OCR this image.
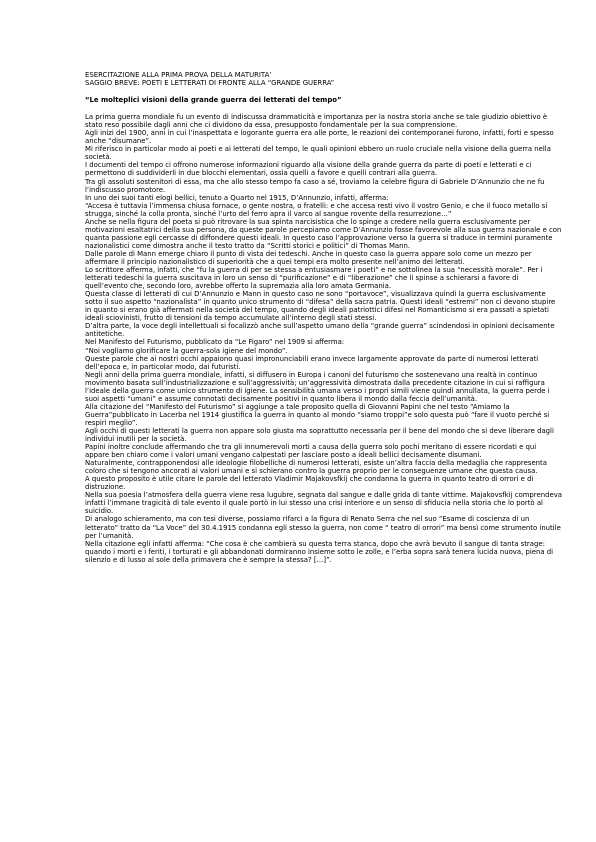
ESERCITAZIONE ALLA PRIMA PROVA DELLA MATURITA’
SAGGIO BREVE: POETI E LETTERATI DI FRONTE ALLA “GRANDE GUERRA”
“Le molteplici visioni della grande guerra dei letterati del tempo”

La prima guerra mondiale fu un evento di indiscussa drammaticità e importanza per la nostra storia anche se tale giudizio obiettivo è stato reso possibile dagli anni che ci dividono da essa, presupposto fondamentale per la sua comprensione.

Agli inizi del 1900, anni in cui l’inaspettata e logorante guerra era alle porte, le reazioni dei contemporanei furono, infatti, forti e spesso anche “disumane”.

Mi riferisco in particolar modo ai poeti e ai letterati del tempo, le quali opinioni ebbero un ruolo cruciale nella visione della guerra nella società.

I documenti del tempo ci offrono numerose informazioni riguardo alla visione della grande guerra da parte di poeti e letterati e ci permettono di suddividerli in due blocchi elementari, ossia quelli a favore e quelli contrari alla guerra.

Tra gli assoluti sostenitori di essa, ma che allo stesso tempo fa caso a sé, troviamo la celebre figura di Gabriele D’Annunzio che ne fu l’indiscusso promotore.

In uno dei suoi tanti elogi bellici, tenuto a Quarto nel 1915, D’Annunzio, infatti, afferma:

“Accesa è tuttavia l’immensa chiusa fornace, o gente nostra, o fratelli: e che accesa resti vivo il vostro Genio, e che il fuoco metallo si strugga, sinché la colla pronta, sinché l’urto del ferro apra il varco al sangue rovente della resurrezione…”

Anche se nella figura del poeta si può ritrovare la sua spinta narcisistica che lo spinge a credere nella guerra esclusivamente per motivazioni esaltatrici della sua persona, da queste parole percepiamo come D’Annunzio fosse favorevole alla sua guerra nazionale e con quanta passione egli cercasse di diffondere questi ideali. In questo caso l’approvazione verso la guerra si traduce in termini puramente nazionalistici come dimostra anche il testo tratto da “Scritti storici e politici” di Thomas Mann.

Dalle parole di Mann emerge chiaro il punto di vista dei tedeschi. Anche in questo caso la guerra appare solo come un mezzo per affermare il principio nazionalistico di superiorità che a quei tempi era molto presente nell’animo dei letterati.

Lo scrittore afferma, infatti, che “fu la guerra di per se stessa a entusiasmare i poeti” e ne sottolinea la sua “necessità morale”. Per i letterati tedeschi la guerra suscitava in loro un senso di “purificazione” e di “liberazione” che li spinse a schierarsi a favore di quell’evento che, secondo loro, avrebbe offerto la supremazia alla loro amata Germania.

Questa classe di letterati di cui D’Annunzio e Mann in questo caso ne sono “portavoce”, visualizzava quindi la guerra esclusivamente sotto il suo aspetto “nazionalista” in quanto unico strumento di “difesa” della sacra patria. Questi ideali “estremi” non ci devono stupire in quanto si erano già affermati nella società del tempo, quando degli ideali patriottici difesi nel Romanticismo si era passati a spietati ideali sciovinisti, frutto di tensioni da tempo accumulate all’interno degli stati stessi.

D’altra parte, la voce degli intellettuali si focalizzò anche sull’aspetto umano della “grande guerra” scindendosi in opinioni decisamente antitetiche.

Nel Manifesto del Futurismo, pubblicato da “Le Figaro” nel 1909 si afferma:

“Noi vogliamo glorificare la guerra-sola igiene del mondo”.

Queste parole che ai nostri occhi appaiono quasi impronunciabili erano invece largamente approvate da parte di numerosi letterati dell’epoca e, in particolar modo, dai futuristi.

Negli anni della prima guerra mondiale, infatti, si diffusero in Europa i canoni del futurismo che sostenevano una realtà in continuo movimento basata sull’industrializzazione e sull’aggressività; un’aggressività dimostrata dalla precedente citazione in cui si raffigura l’ideale della guerra come unico strumento di igiene. La sensibilità umana verso i propri simili viene quindi annullata, la guerra perde i suoi aspetti “umani” e assume connotati decisamente positivi in quanto libera il mondo dalla feccia dell’umanità.

Alla citazione del “Manifesto del Futurismo” si aggiunge a tale proposito quella di Giovanni Papini che nel testo “Amiamo la Guerra”pubblicato in Lacerba nel 1914 giustifica la guerra in quanto al mondo “siamo troppi”e solo questa può “fare il vuoto perché si respiri meglio”.

Agli occhi di questi letterati la guerra non appare solo giusta ma soprattutto necessaria per il bene del mondo che si deve liberare dagli individui inutili per la società.

Papini inoltre conclude affermando che tra gli innumerevoli morti a causa della guerra solo pochi meritano di essere ricordati e qui appare ben chiaro come i valori umani vengano calpestati per lasciare posto a ideali bellici decisamente disumani.

Naturalmente, contrapponendosi alle ideologie filobelliche di numerosi letterati, esiste un’altra faccia della medaglia che rappresenta coloro che si tengono ancorati ai valori umani e si schierano contro la guerra proprio per le conseguenze umane che questa causa.

A questo proposito è utile citare le parole del letterato Vladimir Majakovsfkij che condanna la guerra in quanto teatro di orrori e di distruzione.

Nella sua poesia l’atmosfera della guerra viene resa lugubre, segnata dal sangue e dalle grida di tante vittime. Majakovsfkij comprendeva infatti l’immane tragicità di tale evento il quale portò in lui stesso una crisi interiore e un senso di sfiducia nella storia che lo portò al suicidio.

Di analogo schieramento, ma con tesi diverse, possiamo rifarci a la figura di Renato Serra che nel suo “Esame di coscienza di un letterato” tratto da “La Voce” del 30.4.1915 condanna egli stesso la guerra, non come “ teatro di orrori” ma bensì come strumento inutile per l’umanità.

Nella citazione egli infatti afferma: “Che cosa è che cambierà su questa terra stanca, dopo che avrà bevuto il sangue di tanta strage: quando i morti e i feriti, i torturati e gli abbandonati dormiranno insieme sotto le zolle, e l’erba sopra sarà tenera lucida nuova, piena di silenzio e di lusso al sole della primavera che è sempre la stessa? […]”.
